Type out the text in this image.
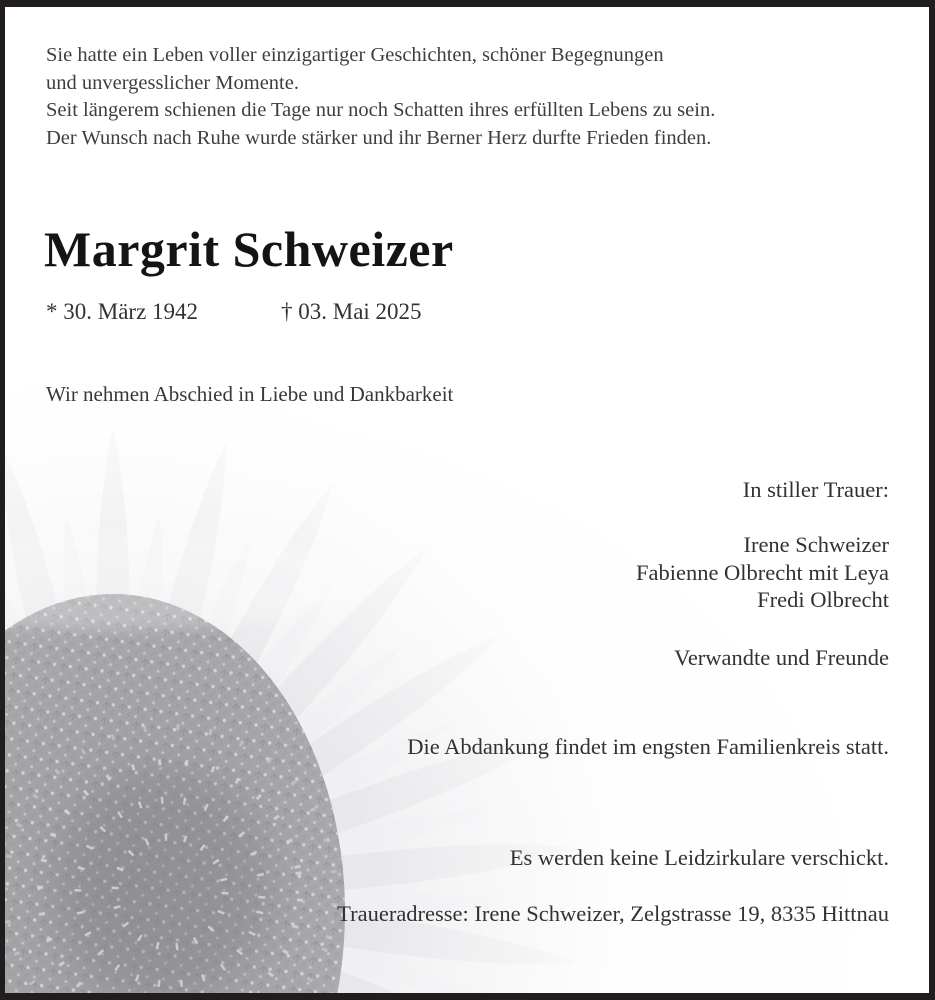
Sie hatte ein Leben voller einzigartiger Geschichten, schöner Begegnungen
und unvergesslicher Momente.
Seit längerem schienen die Tage nur noch Schatten ihres erfüllten Lebens zu sein.
Der Wunsch nach Ruhe wurde stärker und ihr Berner Herz durfte Frieden finden.
Margrit Schweizer
* 30. März 1942	† 03. Mai 2025
Wir nehmen Abschied in Liebe und Dankbarkeit
In stiller Trauer:
Irene Schweizer
Fabienne Olbrecht mit Leya
Fredi Olbrecht
Verwandte und Freunde
Die Abdankung findet im engsten Familienkreis statt.
Es werden keine Leidzirkulare verschickt.
Traueradresse: Irene Schweizer, Zelgstrasse 19, 8335 Hittnau
